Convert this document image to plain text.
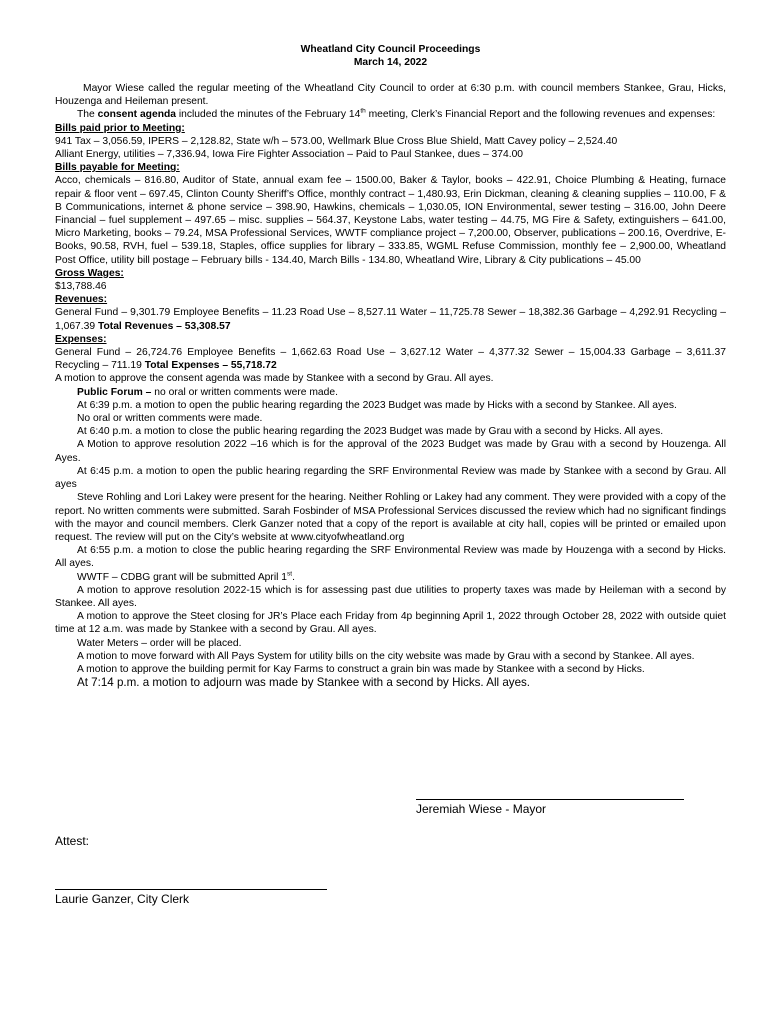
Wheatland City Council Proceedings
March 14, 2022

Mayor Wiese called the regular meeting of the Wheatland City Council to order at 6:30 p.m. with council members Stankee, Grau, Hicks, Houzenga and Heileman present.

The consent agenda included the minutes of the February 14th meeting, Clerk’s Financial Report and the following revenues and expenses:

Bills paid prior to Meeting:

941 Tax – 3,056.59, IPERS – 2,128.82, State w/h – 573.00, Wellmark Blue Cross Blue Shield, Matt Cavey policy – 2,524.40

Alliant Energy, utilities – 7,336.94, Iowa Fire Fighter Association – Paid to Paul Stankee, dues – 374.00

Bills payable for Meeting:

Acco, chemicals – 816.80, Auditor of State, annual exam fee – 1500.00, Baker & Taylor, books – 422.91, Choice Plumbing & Heating, furnace repair & floor vent – 697.45, Clinton County Sheriff’s Office, monthly contract – 1,480.93, Erin Dickman, cleaning & cleaning supplies – 110.00, F & B Communications, internet & phone service – 398.90, Hawkins, chemicals – 1,030.05, ION Environmental, sewer testing – 316.00, John Deere Financial – fuel supplement – 497.65 – misc. supplies – 564.37, Keystone Labs, water testing – 44.75, MG Fire & Safety, extinguishers – 641.00, Micro Marketing, books – 79.24, MSA Professional Services, WWTF compliance project – 7,200.00, Observer, publications – 200.16, Overdrive, E-Books, 90.58, RVH, fuel – 539.18, Staples, office supplies for library – 333.85, WGML Refuse Commission, monthly fee – 2,900.00, Wheatland Post Office, utility bill postage – February bills - 134.40, March Bills - 134.80, Wheatland Wire, Library & City publications – 45.00

Gross Wages:

$13,788.46

Revenues:

General Fund – 9,301.79 Employee Benefits – 11.23 Road Use – 8,527.11 Water – 11,725.78 Sewer – 18,382.36 Garbage – 4,292.91 Recycling – 1,067.39 Total Revenues – 53,308.57

Expenses:

General Fund – 26,724.76 Employee Benefits – 1,662.63 Road Use – 3,627.12 Water – 4,377.32 Sewer – 15,004.33 Garbage – 3,611.37 Recycling – 711.19 Total Expenses – 55,718.72

A motion to approve the consent agenda was made by Stankee with a second by Grau. All ayes.

Public Forum – no oral or written comments were made.

At 6:39 p.m. a motion to open the public hearing regarding the 2023 Budget was made by Hicks with a second by Stankee. All ayes.

No oral or written comments were made.

At 6:40 p.m. a motion to close the public hearing regarding the 2023 Budget was made by Grau with a second by Hicks. All ayes.

A Motion to approve resolution 2022 –16 which is for the approval of the 2023 Budget was made by Grau with a second by Houzenga. All Ayes.

At 6:45 p.m. a motion to open the public hearing regarding the SRF Environmental Review was made by Stankee with a second by Grau. All ayes

Steve Rohling and Lori Lakey were present for the hearing. Neither Rohling or Lakey had any comment. They were provided with a copy of the report. No written comments were submitted. Sarah Fosbinder of MSA Professional Services discussed the review which had no significant findings with the mayor and council members. Clerk Ganzer noted that a copy of the report is available at city hall, copies will be printed or emailed upon request. The review will put on the City’s website at www.cityofwheatland.org

At 6:55 p.m. a motion to close the public hearing regarding the SRF Environmental Review was made by Houzenga with a second by Hicks. All ayes.

WWTF – CDBG grant will be submitted April 1st.

A motion to approve resolution 2022-15 which is for assessing past due utilities to property taxes was made by Heileman with a second by Stankee. All ayes.

A motion to approve the Steet closing for JR’s Place each Friday from 4p beginning April 1, 2022 through October 28, 2022 with outside quiet time at 12 a.m. was made by Stankee with a second by Grau. All ayes.

Water Meters – order will be placed.

A motion to move forward with All Pays System for utility bills on the city website was made by Grau with a second by Stankee. All ayes.

A motion to approve the building permit for Kay Farms to construct a grain bin was made by Stankee with a second by Hicks.

At 7:14 p.m. a motion to adjourn was made by Stankee with a second by Hicks. All ayes.

Jeremiah Wiese - Mayor
Attest:
Laurie Ganzer, City Clerk
